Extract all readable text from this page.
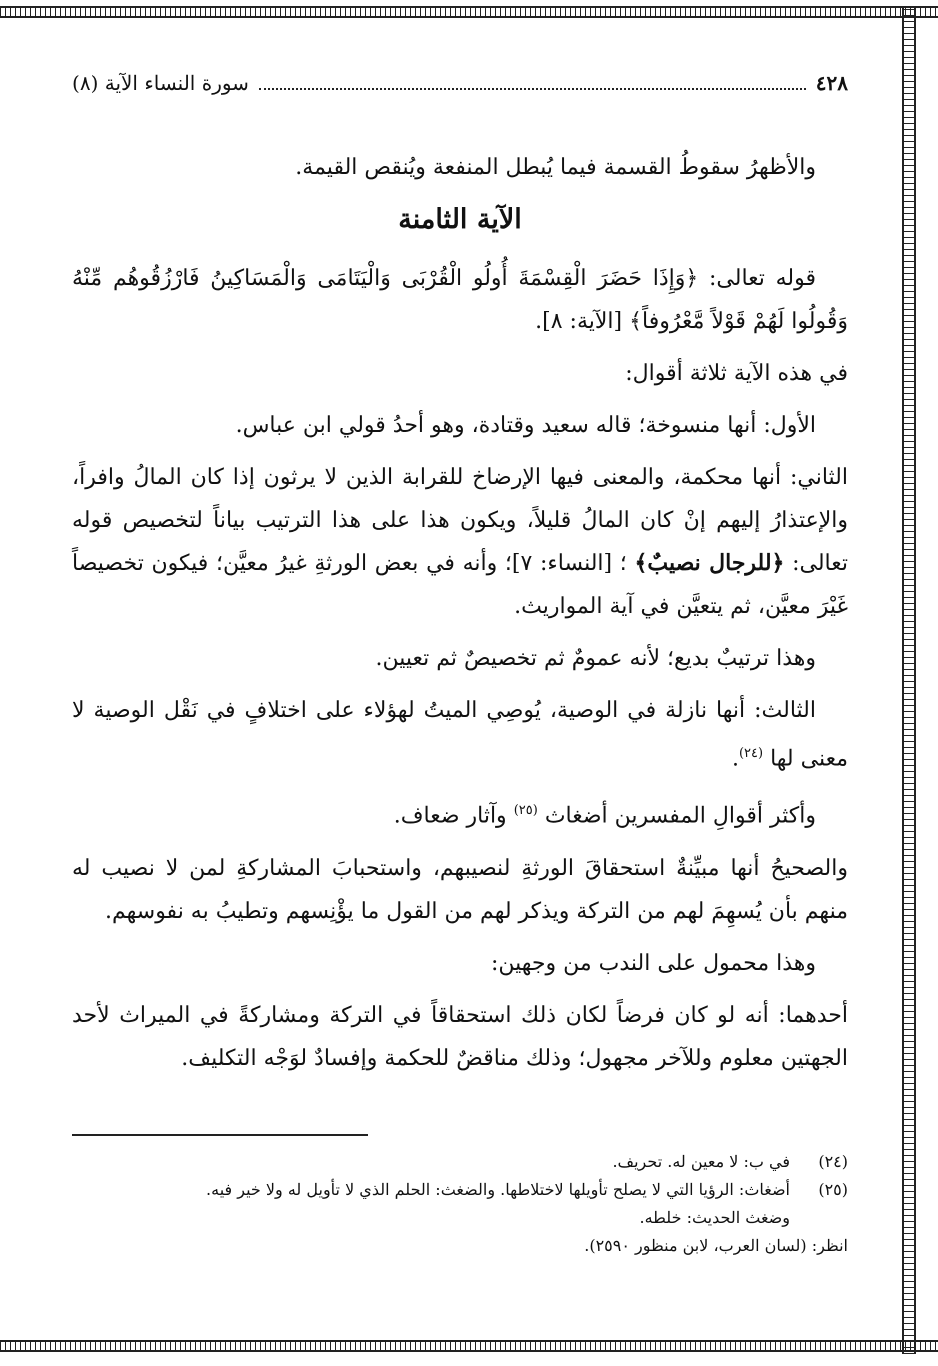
٤٢٨
سورة النساء الآية (٨)

والأظهرُ سقوطُ القسمة فيما يُبطل المنفعة ويُنقص القيمة.

الآية الثامنة

قوله تعالى: ﴿وَإِذَا حَضَرَ الْقِسْمَةَ أُولُو الْقُرْبَى وَالْيَتَامَى وَالْمَسَاكِينُ فَارْزُقُوهُم مِّنْهُ وَقُولُوا لَهُمْ قَوْلاً مَّعْرُوفاً﴾ [الآية: ٨].

في هذه الآية ثلاثة أقوال:

الأول: أنها منسوخة؛ قاله سعيد وقتادة، وهو أحدُ قولي ابن عباس.

الثاني: أنها محكمة، والمعنى فيها الإرضاخ للقرابة الذين لا يرثون إذا كان المالُ وافراً، والإعتذارُ إليهم إنْ كان المالُ قليلاً، ويكون هذا على هذا الترتيب بياناً لتخصيص قوله تعالى: ﴿للرجال نصيبٌ﴾ ؛ [النساء: ٧]؛ وأنه في بعض الورثةِ غيرُ معيَّن؛ فيكون تخصيصاً غَيْرَ معيَّن، ثم يتعيَّن في آية المواريث.

وهذا ترتيبٌ بديع؛ لأنه عمومٌ ثم تخصيصٌ ثم تعيين.

الثالث: أنها نازلة في الوصية، يُوصِي الميتُ لهؤلاء على اختلافٍ في نَقْل الوصية لا معنى لها $^{(٢٤)}$.

وأكثر أقوالِ المفسرين أضغاث $^{(٢٥)}$ وآثار ضعاف.

والصحيحُ أنها مبيِّنةٌ استحقاقَ الورثةِ لنصيبهم، واستحبابَ المشاركةِ لمن لا نصيب له منهم بأن يُسهِمَ لهم من التركة ويذكر لهم من القول ما يؤْنِسهم وتطيبُ به نفوسهم.

وهذا محمول على الندب من وجهين:

أحدهما: أنه لو كان فرضاً لكان ذلك استحقاقاً في التركة ومشاركةً في الميراث لأحد الجهتين معلوم وللآخر مجهول؛ وذلك مناقضٌ للحكمة وإفسادٌ لوَجْه التكليف.

(٢٤)
في ب: لا معين له. تحريف.
(٢٥)
أضغاث: الرؤيا التي لا يصلح تأويلها لاختلاطها. والضغث: الحلم الذي لا تأويل له ولا خير فيه.
وضغث الحديث: خلطه.
انظر: (لسان العرب، لابن منظور ٢٥٩٠).
